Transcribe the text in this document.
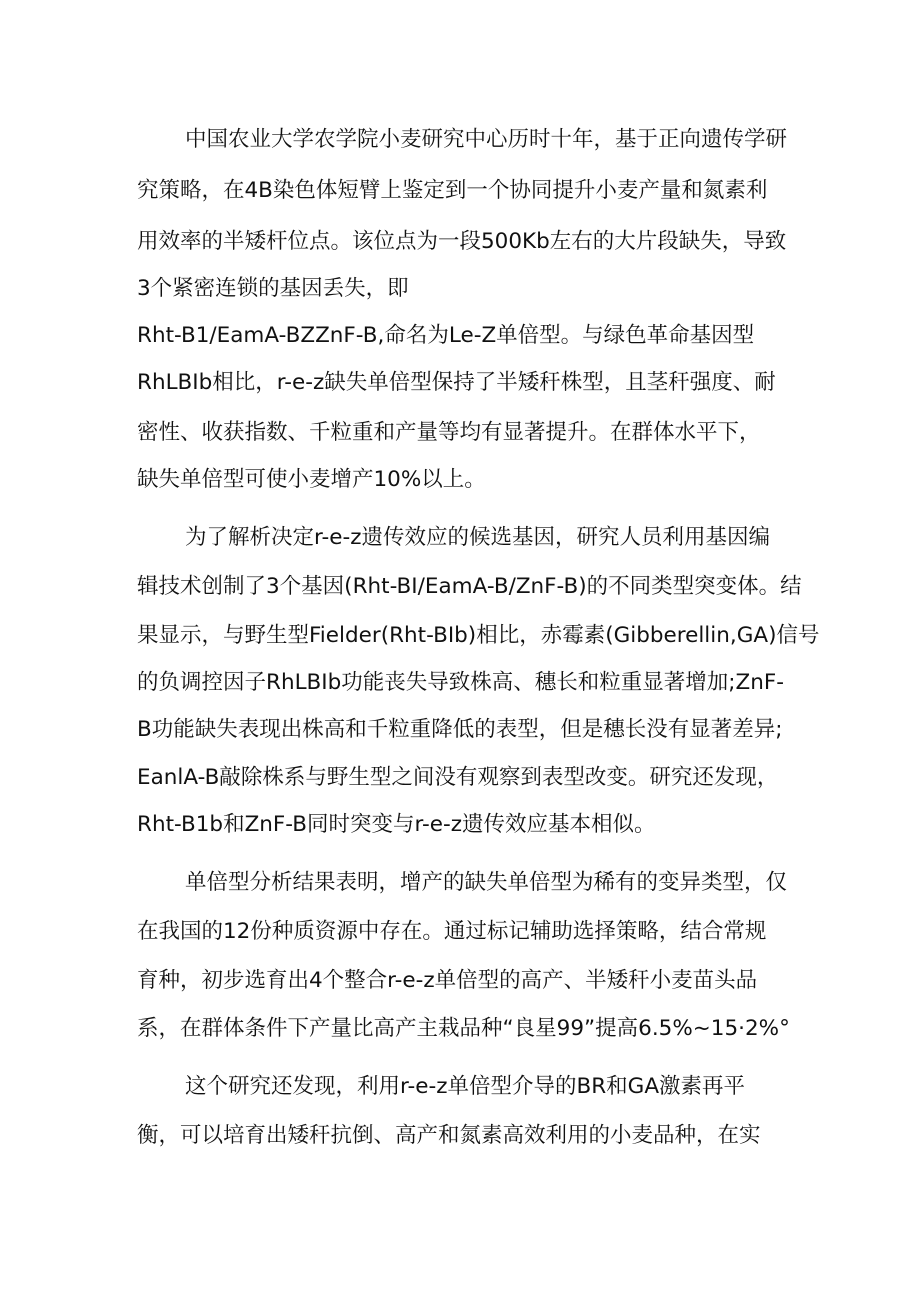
中国农业大学农学院小麦研究中心历时十年，基于正向遗传学研
究策略，在4B染色体短臂上鉴定到一个协同提升小麦产量和氮素利
用效率的半矮杆位点。该位点为一段500Kb左右的大片段缺失，导致
3个紧密连锁的基因丢失，即
Rht-B1/EamA-BZZnF-B,命名为Le-Z单倍型。与绿色革命基因型
RhLBIb相比，r-e-z缺失单倍型保持了半矮秆株型，且茎秆强度、耐
密性、收获指数、千粒重和产量等均有显著提升。在群体水平下，
缺失单倍型可使小麦增产10%以上。
为了解析决定r-e-z遗传效应的候选基因，研究人员利用基因编
辑技术创制了3个基因(Rht-BI/EamA-B/ZnF-B)的不同类型突变体。结
果显示，与野生型Fielder(Rht-BIb)相比，赤霉素(Gibberellin,GA)信号
的负调控因子RhLBIb功能丧失导致株高、穗长和粒重显著增加;ZnF-
B功能缺失表现出株高和千粒重降低的表型，但是穗长没有显著差异;
EanlA-B敲除株系与野生型之间没有观察到表型改变。研究还发现，
Rht-B1b和ZnF-B同时突变与r-e-z遗传效应基本相似。
单倍型分析结果表明，增产的缺失单倍型为稀有的变异类型，仅
在我国的12份种质资源中存在。通过标记辅助选择策略，结合常规
育种，初步选育出4个整合r-e-z单倍型的高产、半矮秆小麦苗头品
系，在群体条件下产量比高产主栽品种“良星99”提高6.5%~15·2%°
这个研究还发现，利用r-e-z单倍型介导的BR和GA激素再平
衡，可以培育出矮秆抗倒、高产和氮素高效利用的小麦品种，在实
